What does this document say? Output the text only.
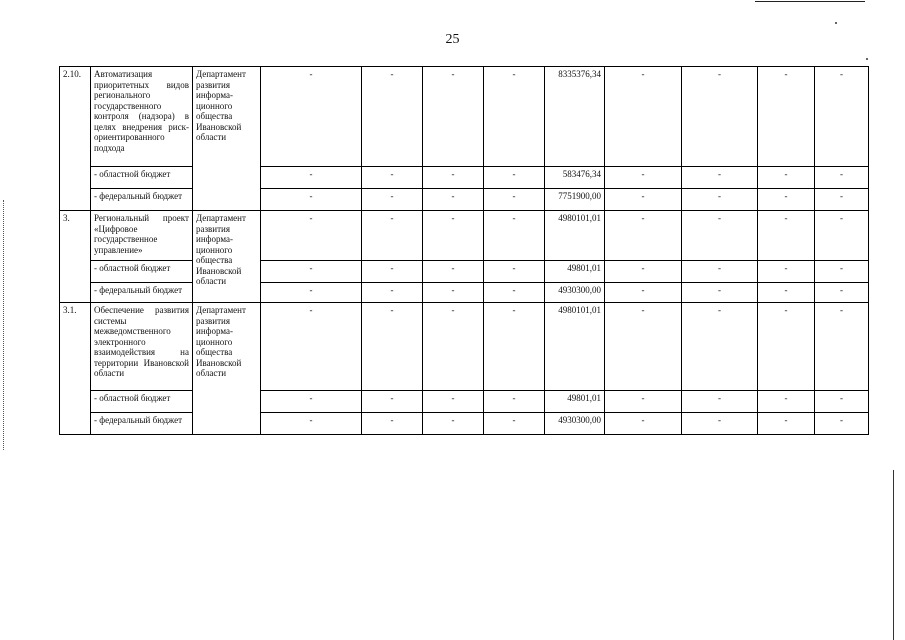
25
2.10.	Автоматизация приоритетных видов регионального государственного контроля (надзора) в целях внедрения риск-ориентированного подхода	Департамент развития информа-ционного общества Ивановской области	-	-	-	-	8335376,34	-	-	-	-
	- областной бюджет		-	-	-	-	583476,34	-	-	-	-
	- федеральный бюджет		-	-	-	-	7751900,00	-	-	-	-
3.	Региональный проект «Цифровое государственное управление»	Департамент развития информа-ционного общества Ивановской области	-	-	-	-	4980101,01	-	-	-	-
	- областной бюджет		-	-	-	-	49801,01	-	-	-	-
	- федеральный бюджет		-	-	-	-	4930300,00	-	-	-	-
3.1.	Обеспечение развития системы межведомственного электронного взаимодействия на территории Ивановской области	Департамент развития информа-ционного общества Ивановской области	-	-	-	-	4980101,01	-	-	-	-
	- областной бюджет		-	-	-	-	49801,01	-	-	-	-
	- федеральный бюджет		-	-	-	-	4930300,00	-	-	-	-
